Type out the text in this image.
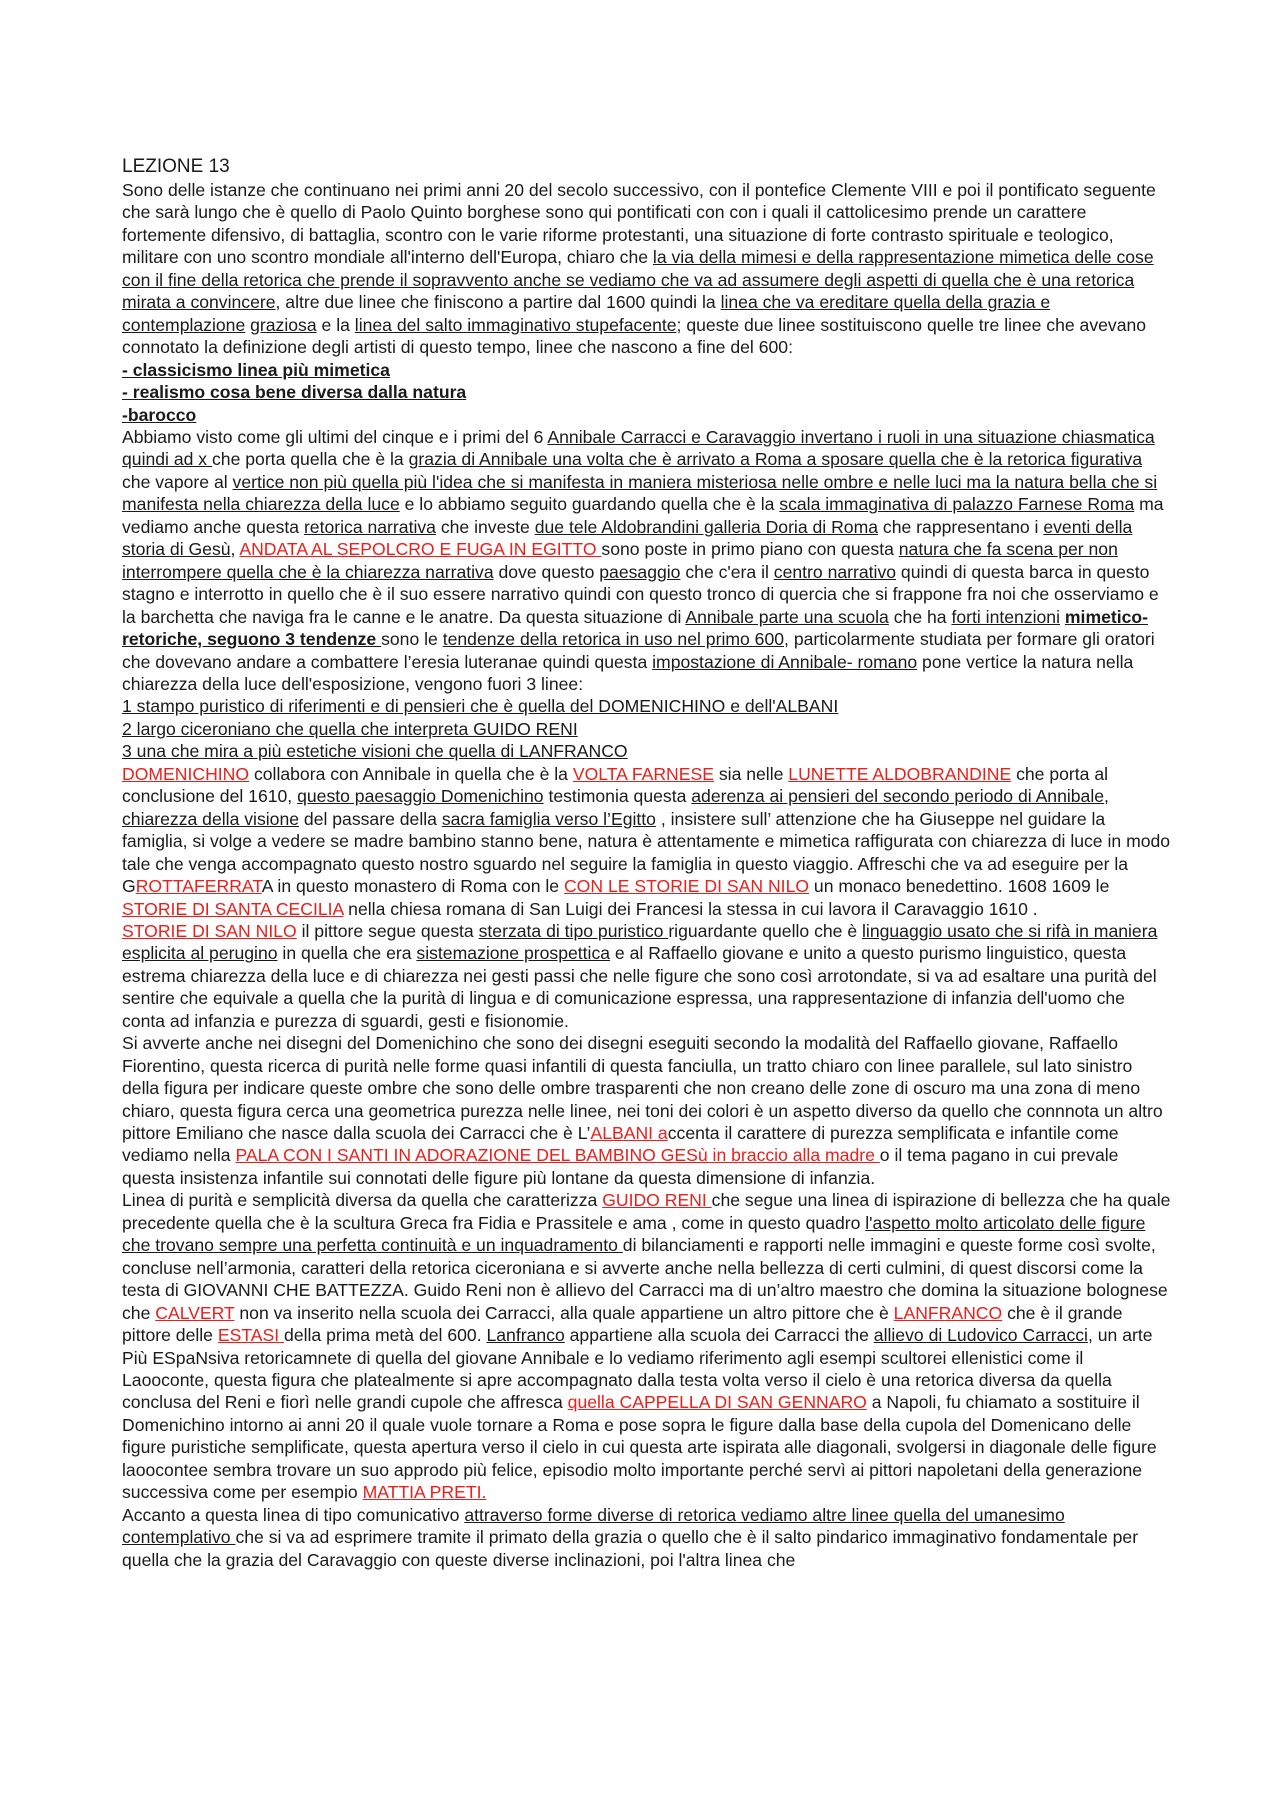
LEZIONE 13
Sono delle istanze che continuano nei primi anni 20 del secolo successivo, con il pontefice Clemente VIII e poi il pontificato seguente che sarà lungo che è quello di Paolo Quinto borghese sono qui pontificati con con i quali il cattolicesimo prende un carattere fortemente difensivo, di battaglia, scontro con le varie riforme protestanti, una situazione di forte contrasto spirituale e teologico, militare con uno scontro mondiale all'interno dell'Europa, chiaro che la via della mimesi e della rappresentazione mimetica delle cose con il fine della retorica che prende il sopravvento anche se vediamo che va ad assumere degli aspetti di quella che è una retorica mirata a convincere, altre due linee che finiscono a partire dal 1600 quindi la linea che va ereditare quella della grazia e contemplazione graziosa e la linea del salto immaginativo stupefacente; queste due linee sostituiscono quelle tre linee che avevano connotato la definizione degli artisti di questo tempo, linee che nascono a fine del 600:
- classicismo linea più mimetica
- realismo cosa bene diversa dalla natura
-barocco
Abbiamo visto come gli ultimi del cinque e i primi del 6 Annibale Carracci e Caravaggio invertano i ruoli in una situazione chiasmatica quindi ad x che porta quella che è la grazia di Annibale una volta che è arrivato a Roma a sposare quella che è la retorica figurativa che vapore al vertice non più quella più l'idea che si manifesta in maniera misteriosa nelle ombre e nelle luci ma la natura bella che si manifesta nella chiarezza della luce e lo abbiamo seguito guardando quella che è la scala immaginativa di palazzo Farnese Roma ma vediamo anche questa retorica narrativa che investe due tele Aldobrandini galleria Doria di Roma che rappresentano i eventi della storia di Gesù, ANDATA AL SEPOLCRO E FUGA IN EGITTO sono poste in primo piano con questa natura che fa scena per non interrompere quella che è la chiarezza narrativa dove questo paesaggio che c'era il centro narrativo quindi di questa barca in questo stagno e interrotto in quello che è il suo essere narrativo quindi con questo tronco di quercia che si frappone fra noi che osserviamo e la barchetta che naviga fra le canne e le anatre. Da questa situazione di Annibale parte una scuola che ha forti intenzioni mimetico-retoriche, seguono 3 tendenze sono le tendenze della retorica in uso nel primo 600, particolarmente studiata per formare gli oratori che dovevano andare a combattere l’eresia luteranae quindi questa impostazione di Annibale- romano pone vertice la natura nella chiarezza della luce dell'esposizione, vengono fuori 3 linee:
1 stampo puristico di riferimenti e di pensieri che è quella del DOMENICHINO e dell'ALBANI
2 largo ciceroniano che quella che interpreta GUIDO RENI
3 una che mira a più estetiche visioni che quella di LANFRANCO
DOMENICHINO collabora con Annibale in quella che è la VOLTA FARNESE sia nelle LUNETTE ALDOBRANDINE che porta al conclusione del 1610, questo paesaggio Domenichino testimonia questa aderenza ai pensieri del secondo periodo di Annibale, chiarezza della visione del passare della sacra famiglia verso l’Egitto , insistere sull’ attenzione che ha Giuseppe nel guidare la famiglia, si volge a vedere se madre bambino stanno bene, natura è attentamente e mimetica raffigurata con chiarezza di luce in modo tale che venga accompagnato questo nostro sguardo nel seguire la famiglia in questo viaggio. Affreschi che va ad eseguire per la GROTTAFERRATA in questo monastero di Roma con le CON LE STORIE DI SAN NILO un monaco benedettino. 1608 1609 le STORIE DI SANTA CECILIA nella chiesa romana di San Luigi dei Francesi la stessa in cui lavora il Caravaggio 1610 .
STORIE DI SAN NILO il pittore segue questa sterzata di tipo puristico riguardante quello che è linguaggio usato che si rifà in maniera esplicita al perugino in quella che era sistemazione prospettica e al Raffaello giovane e unito a questo purismo linguistico, questa estrema chiarezza della luce e di chiarezza nei gesti passi che nelle figure che sono così arrotondate, si va ad esaltare una purità del sentire che equivale a quella che la purità di lingua e di comunicazione espressa, una rappresentazione di infanzia dell'uomo che conta ad infanzia e purezza di sguardi, gesti e fisionomie.
Si avverte anche nei disegni del Domenichino che sono dei disegni eseguiti secondo la modalità del Raffaello giovane, Raffaello Fiorentino, questa ricerca di purità nelle forme quasi infantili di questa fanciulla, un tratto chiaro con linee parallele, sul lato sinistro della figura per indicare queste ombre che sono delle ombre trasparenti che non creano delle zone di oscuro ma una zona di meno chiaro, questa figura cerca una geometrica purezza nelle linee, nei toni dei colori è un aspetto diverso da quello che connnota un altro pittore Emiliano che nasce dalla scuola dei Carracci che è L’ALBANI accenta il carattere di purezza semplificata e infantile come vediamo nella PALA CON I SANTI IN ADORAZIONE DEL BAMBINO GESù in braccio alla madre o il tema pagano in cui prevale questa insistenza infantile sui connotati delle figure più lontane da questa dimensione di infanzia.
Linea di purità e semplicità diversa da quella che caratterizza GUIDO RENI che segue una linea di ispirazione di bellezza che ha quale precedente quella che è la scultura Greca fra Fidia e Prassitele e ama , come in questo quadro l'aspetto molto articolato delle figure che trovano sempre una perfetta continuità e un inquadramento di bilanciamenti e rapporti nelle immagini e queste forme così svolte, concluse nell’armonia, caratteri della retorica ciceroniana e si avverte anche nella bellezza di certi culmini, di quest discorsi come la testa di GIOVANNI CHE BATTEZZA. Guido Reni non è allievo del Carracci ma di un’altro maestro che domina la situazione bolognese che CALVERT non va inserito nella scuola dei Carracci, alla quale appartiene un altro pittore che è LANFRANCO che è il grande pittore delle ESTASI della prima metà del 600. Lanfranco appartiene alla scuola dei Carracci the allievo di Ludovico Carracci, un arte Più ESpaNsiva retoricamnete di quella del giovane Annibale e lo vediamo riferimento agli esempi scultorei ellenistici come il Laooconte, questa figura che platealmente si apre accompagnato dalla testa volta verso il cielo è una retorica diversa da quella conclusa del Reni e fiorì nelle grandi cupole che affresca quella CAPPELLA DI SAN GENNARO a Napoli, fu chiamato a sostituire il Domenichino intorno ai anni 20 il quale vuole tornare a Roma e pose sopra le figure dalla base della cupola del Domenicano delle figure puristiche semplificate, questa apertura verso il cielo in cui questa arte ispirata alle diagonali, svolgersi in diagonale delle figure laoocontee sembra trovare un suo approdo più felice, episodio molto importante perché servì ai pittori napoletani della generazione successiva come per esempio MATTIA PRETI.
Accanto a questa linea di tipo comunicativo attraverso forme diverse di retorica vediamo altre linee quella del umanesimo contemplativo che si va ad esprimere tramite il primato della grazia o quello che è il salto pindarico immaginativo fondamentale per quella che la grazia del Caravaggio con queste diverse inclinazioni, poi l'altra linea che
